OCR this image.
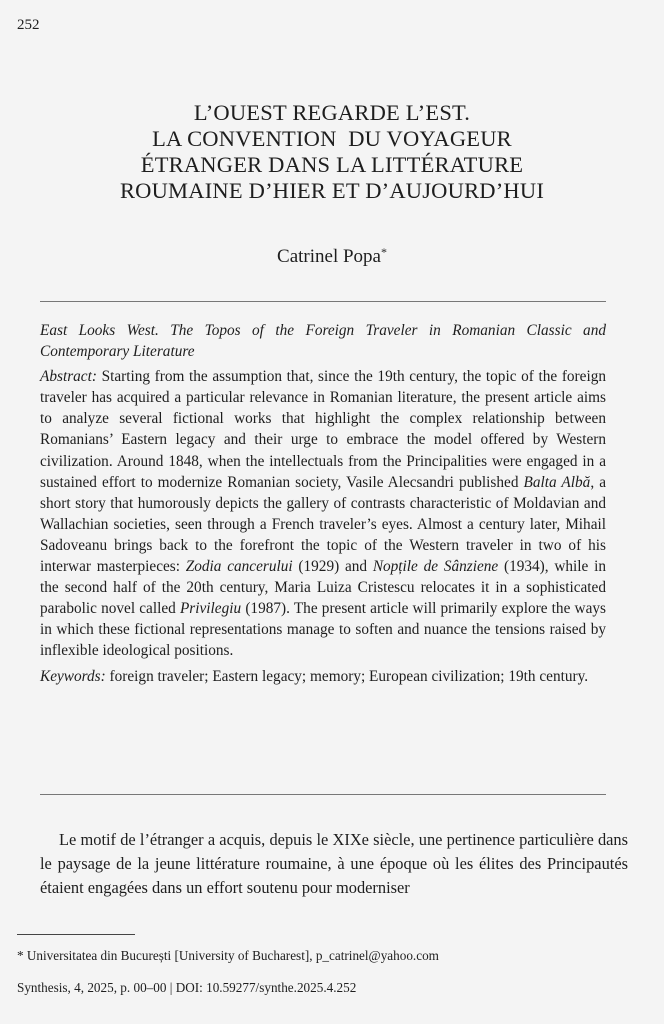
252
L’OUEST REGARDE L’EST.
LA CONVENTION  DU VOYAGEUR
ÉTRANGER DANS LA LITTÉRATURE
ROUMAINE D’HIER ET D’AUJOURD’HUI
Catrinel Popa*

East Looks West. The Topos of the Foreign Traveler in Romanian Classic and Contemporary Literature

Abstract: Starting from the assumption that, since the 19th century, the topic of the foreign traveler has acquired a particular relevance in Romanian literature, the present article aims to analyze several fictional works that highlight the complex relationship between Romanians’ Eastern legacy and their urge to embrace the model offered by Western civilization. Around 1848, when the intellectuals from the Principalities were engaged in a sustained effort to modernize Romanian society, Vasile Alecsandri published Balta Albă, a short story that humorously depicts the gallery of contrasts characteristic of Moldavian and Wallachian societies, seen through a French traveler’s eyes. Almost a century later, Mihail Sadoveanu brings back to the forefront the topic of the Western traveler in two of his interwar masterpieces: Zodia cancerului (1929) and Nopțile de Sânziene (1934), while in the second half of the 20th century, Maria Luiza Cristescu relocates it in a sophisticated parabolic novel called Privilegiu (1987). The present article will primarily explore the ways in which these fictional representations manage to soften and nuance the tensions raised by inflexible ideological positions.

Keywords: foreign traveler; Eastern legacy; memory; European civilization; 19th century.

Le motif de l’étranger a acquis, depuis le XIXe siècle, une pertinence particulière dans le paysage de la jeune littérature roumaine, à une époque où les élites des Principautés étaient engagées dans un effort soutenu pour moderniser

* Universitatea din București [University of Bucharest], p_catrinel@yahoo.com
Synthesis, 4, 2025, p. 00–00 | DOI: 10.59277/synthe.2025.4.252
